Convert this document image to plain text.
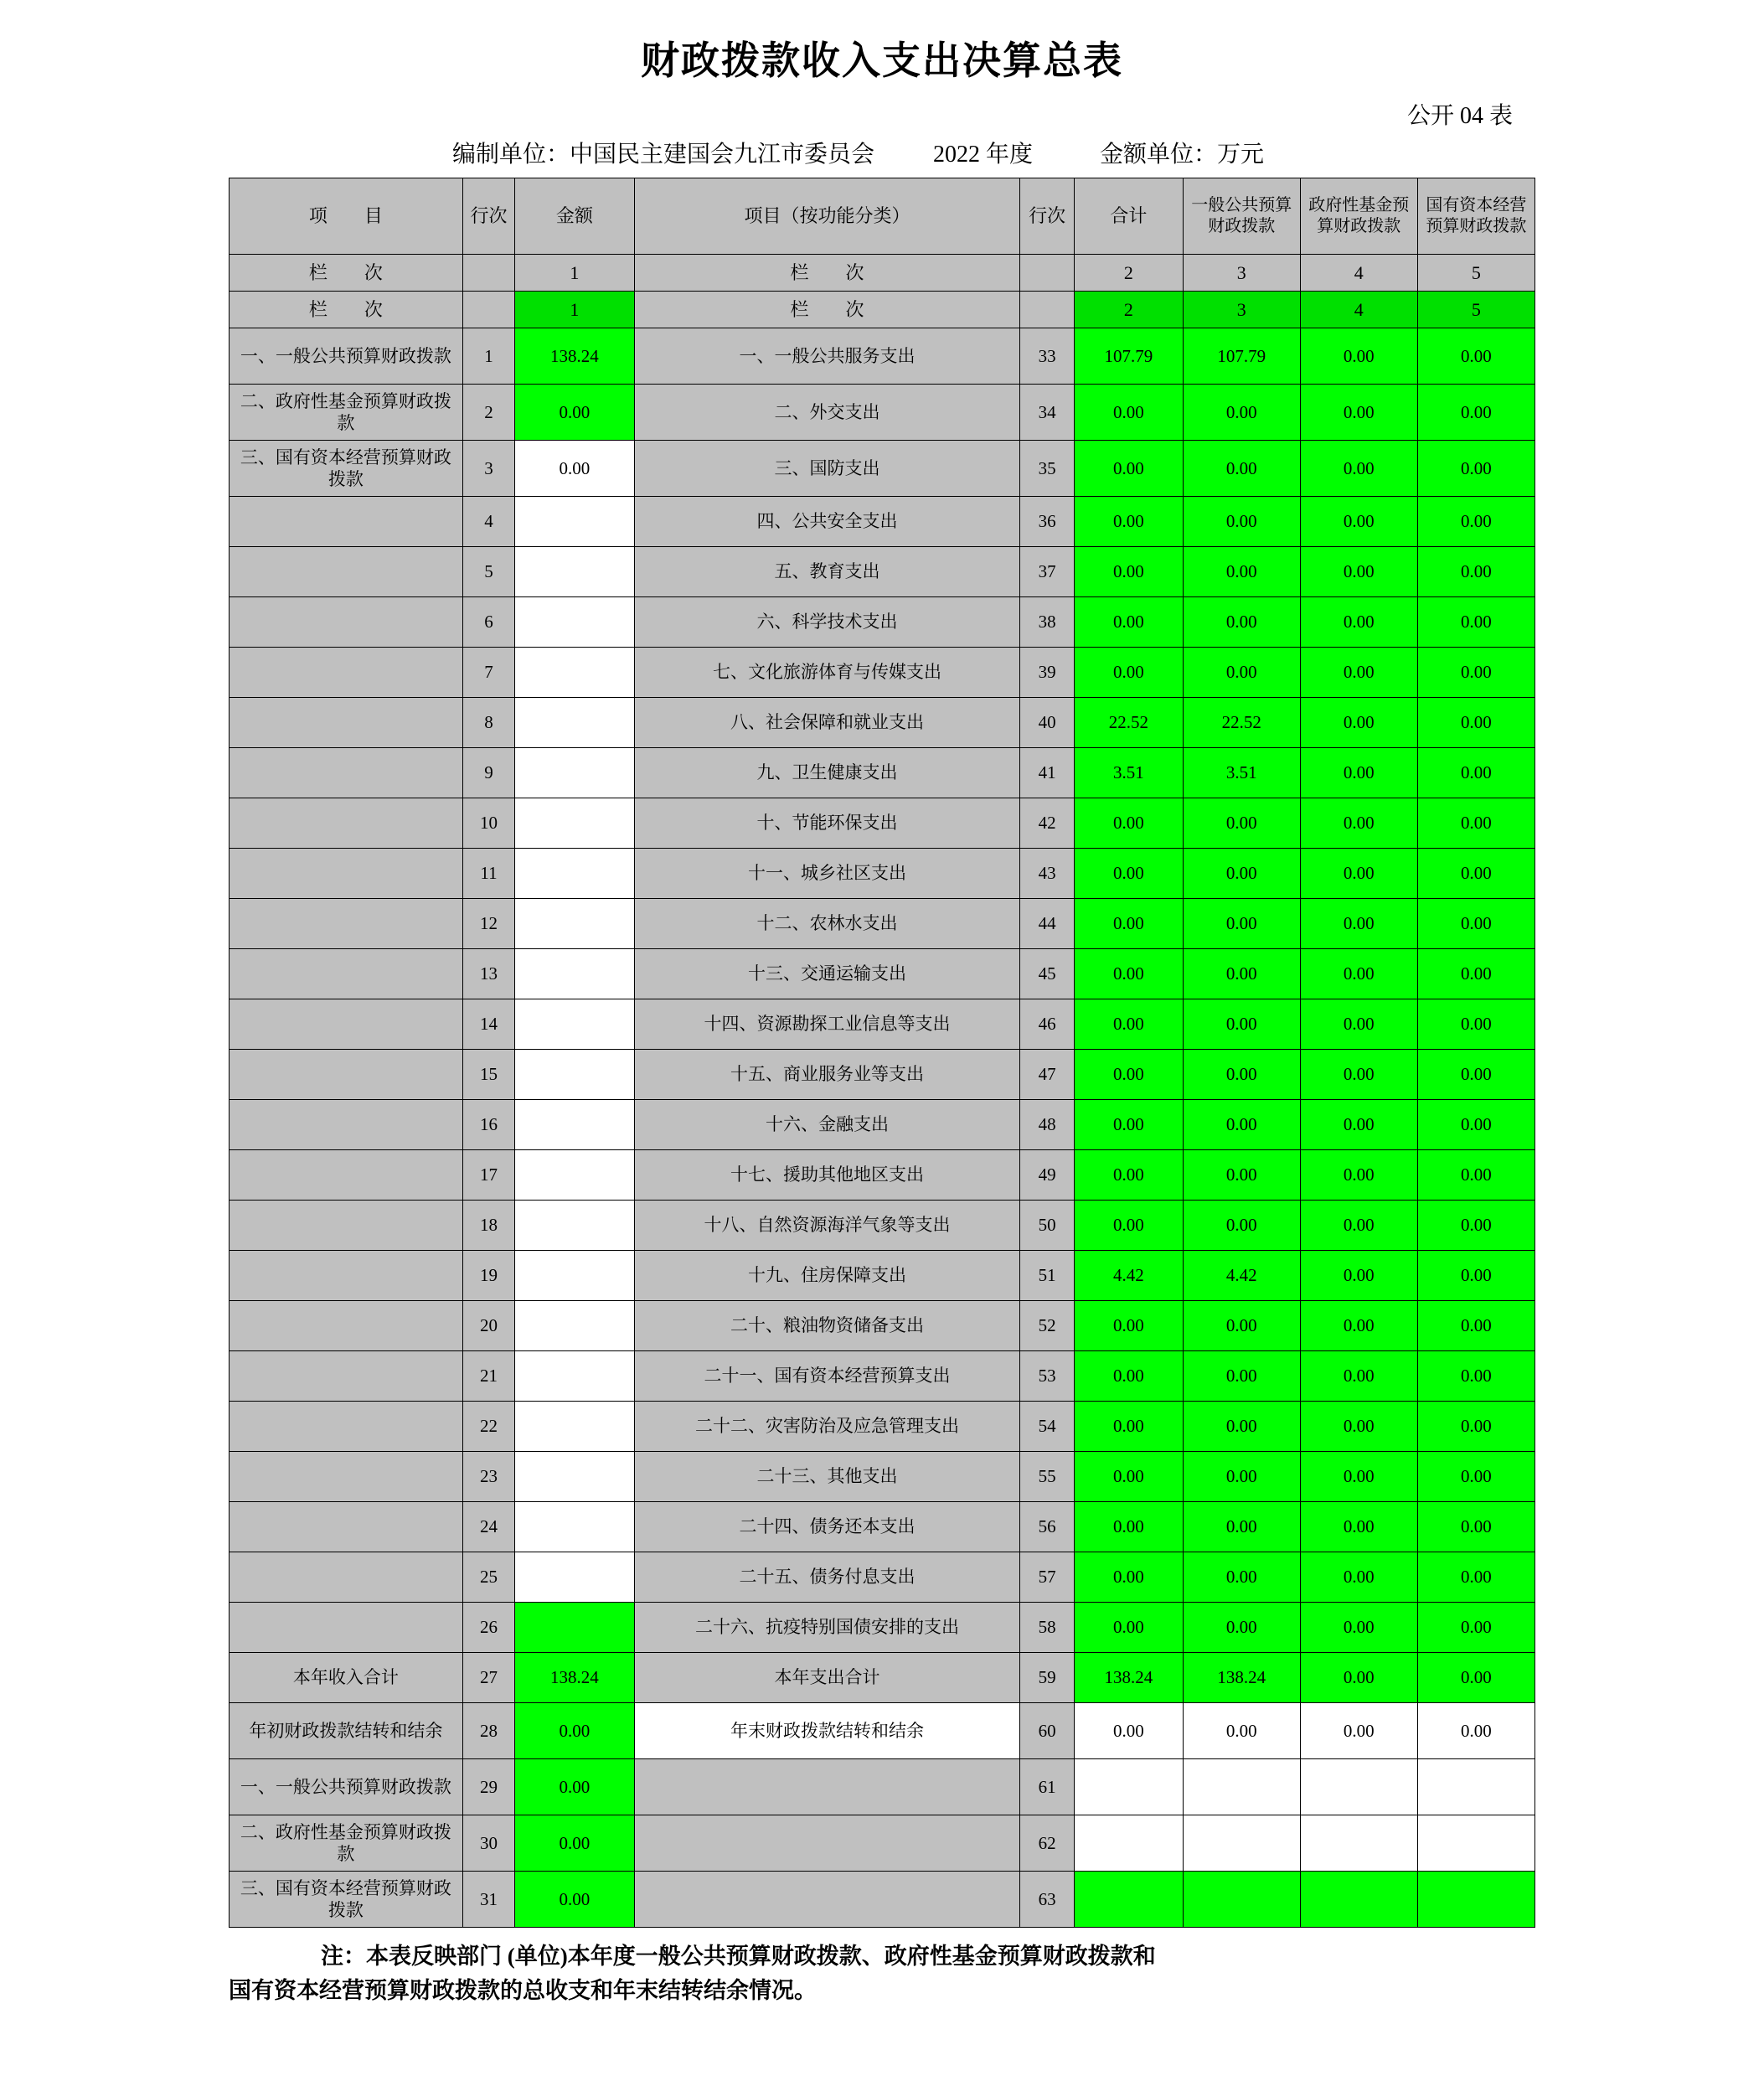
财政拨款收入支出决算总表
公开 04 表
编制单位：中国民主建国会九江市委员会	2022 年度	金额单位：万元
项　　目	行次	金额	项目（按功能分类）	行次	合计	一般公共预算财政拨款	政府性基金预算财政拨款	国有资本经营预算财政拨款
栏　　次		1	栏　　次		2	3	4	5
栏　　次		1	栏　　次		2	3	4	5
一、一般公共预算财政拨款	1	138.24	一、一般公共服务支出	33	107.79	107.79	0.00	0.00
二、政府性基金预算财政拨款	2	0.00	二、外交支出	34	0.00	0.00	0.00	0.00
三、国有资本经营预算财政拨款	3	0.00	三、国防支出	35	0.00	0.00	0.00	0.00
	4		四、公共安全支出	36	0.00	0.00	0.00	0.00
	5		五、教育支出	37	0.00	0.00	0.00	0.00
	6		六、科学技术支出	38	0.00	0.00	0.00	0.00
	7		七、文化旅游体育与传媒支出	39	0.00	0.00	0.00	0.00
	8		八、社会保障和就业支出	40	22.52	22.52	0.00	0.00
	9		九、卫生健康支出	41	3.51	3.51	0.00	0.00
	10		十、节能环保支出	42	0.00	0.00	0.00	0.00
	11		十一、城乡社区支出	43	0.00	0.00	0.00	0.00
	12		十二、农林水支出	44	0.00	0.00	0.00	0.00
	13		十三、交通运输支出	45	0.00	0.00	0.00	0.00
	14		十四、资源勘探工业信息等支出	46	0.00	0.00	0.00	0.00
	15		十五、商业服务业等支出	47	0.00	0.00	0.00	0.00
	16		十六、金融支出	48	0.00	0.00	0.00	0.00
	17		十七、援助其他地区支出	49	0.00	0.00	0.00	0.00
	18		十八、自然资源海洋气象等支出	50	0.00	0.00	0.00	0.00
	19		十九、住房保障支出	51	4.42	4.42	0.00	0.00
	20		二十、粮油物资储备支出	52	0.00	0.00	0.00	0.00
	21		二十一、国有资本经营预算支出	53	0.00	0.00	0.00	0.00
	22		二十二、灾害防治及应急管理支出	54	0.00	0.00	0.00	0.00
	23		二十三、其他支出	55	0.00	0.00	0.00	0.00
	24		二十四、债务还本支出	56	0.00	0.00	0.00	0.00
	25		二十五、债务付息支出	57	0.00	0.00	0.00	0.00
	26		二十六、抗疫特别国债安排的支出	58	0.00	0.00	0.00	0.00
本年收入合计	27	138.24	本年支出合计	59	138.24	138.24	0.00	0.00
年初财政拨款结转和结余	28	0.00	年末财政拨款结转和结余	60	0.00	0.00	0.00	0.00
一、一般公共预算财政拨款	29	0.00		61				
二、政府性基金预算财政拨款	30	0.00		62				
三、国有资本经营预算财政拨款	31	0.00		63				
注：本表反映部门 (单位)本年度一般公共预算财政拨款、政府性基金预算财政拨款和
国有资本经营预算财政拨款的总收支和年末结转结余情况。
